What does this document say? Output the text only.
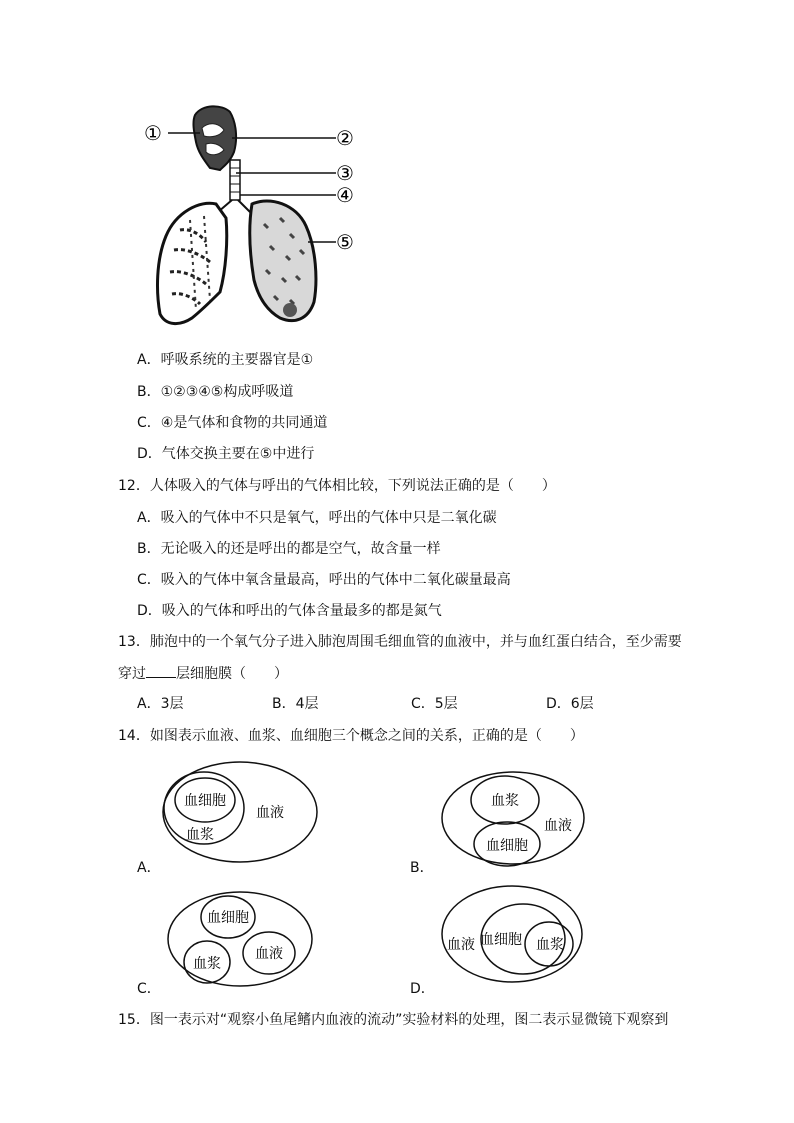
①	②
③
④
⑤
A．呼吸系统的主要器官是①
B．①②③④⑤构成呼吸道
C．④是气体和食物的共同通道
D．气体交换主要在⑤中进行
12．人体吸入的气体与呼出的气体相比较，下列说法正确的是（　　）
A．吸入的气体中不只是氧气，呼出的气体中只是二氧化碳
B．无论吸入的还是呼出的都是空气，故含量一样
C．吸入的气体中氧含量最高，呼出的气体中二氧化碳量最高
D．吸入的气体和呼出的气体含量最多的都是氮气
13．肺泡中的一个氧气分子进入肺泡周围毛细血管的血液中，并与血红蛋白结合，至少需要
穿过 层细胞膜（　　）
A．3层	B．4层	C．5层	D．6层
14．如图表示血液、血浆、血细胞三个概念之间的关系，正确的是（　　）
血细胞
血浆
血液
A．
血浆
血细胞
血液
B．
血细胞
血浆
血液
C．
血液 血细胞 血浆
D．
15．图一表示对“观察小鱼尾鳍内血液的流动”实验材料的处理，图二表示显微镜下观察到
